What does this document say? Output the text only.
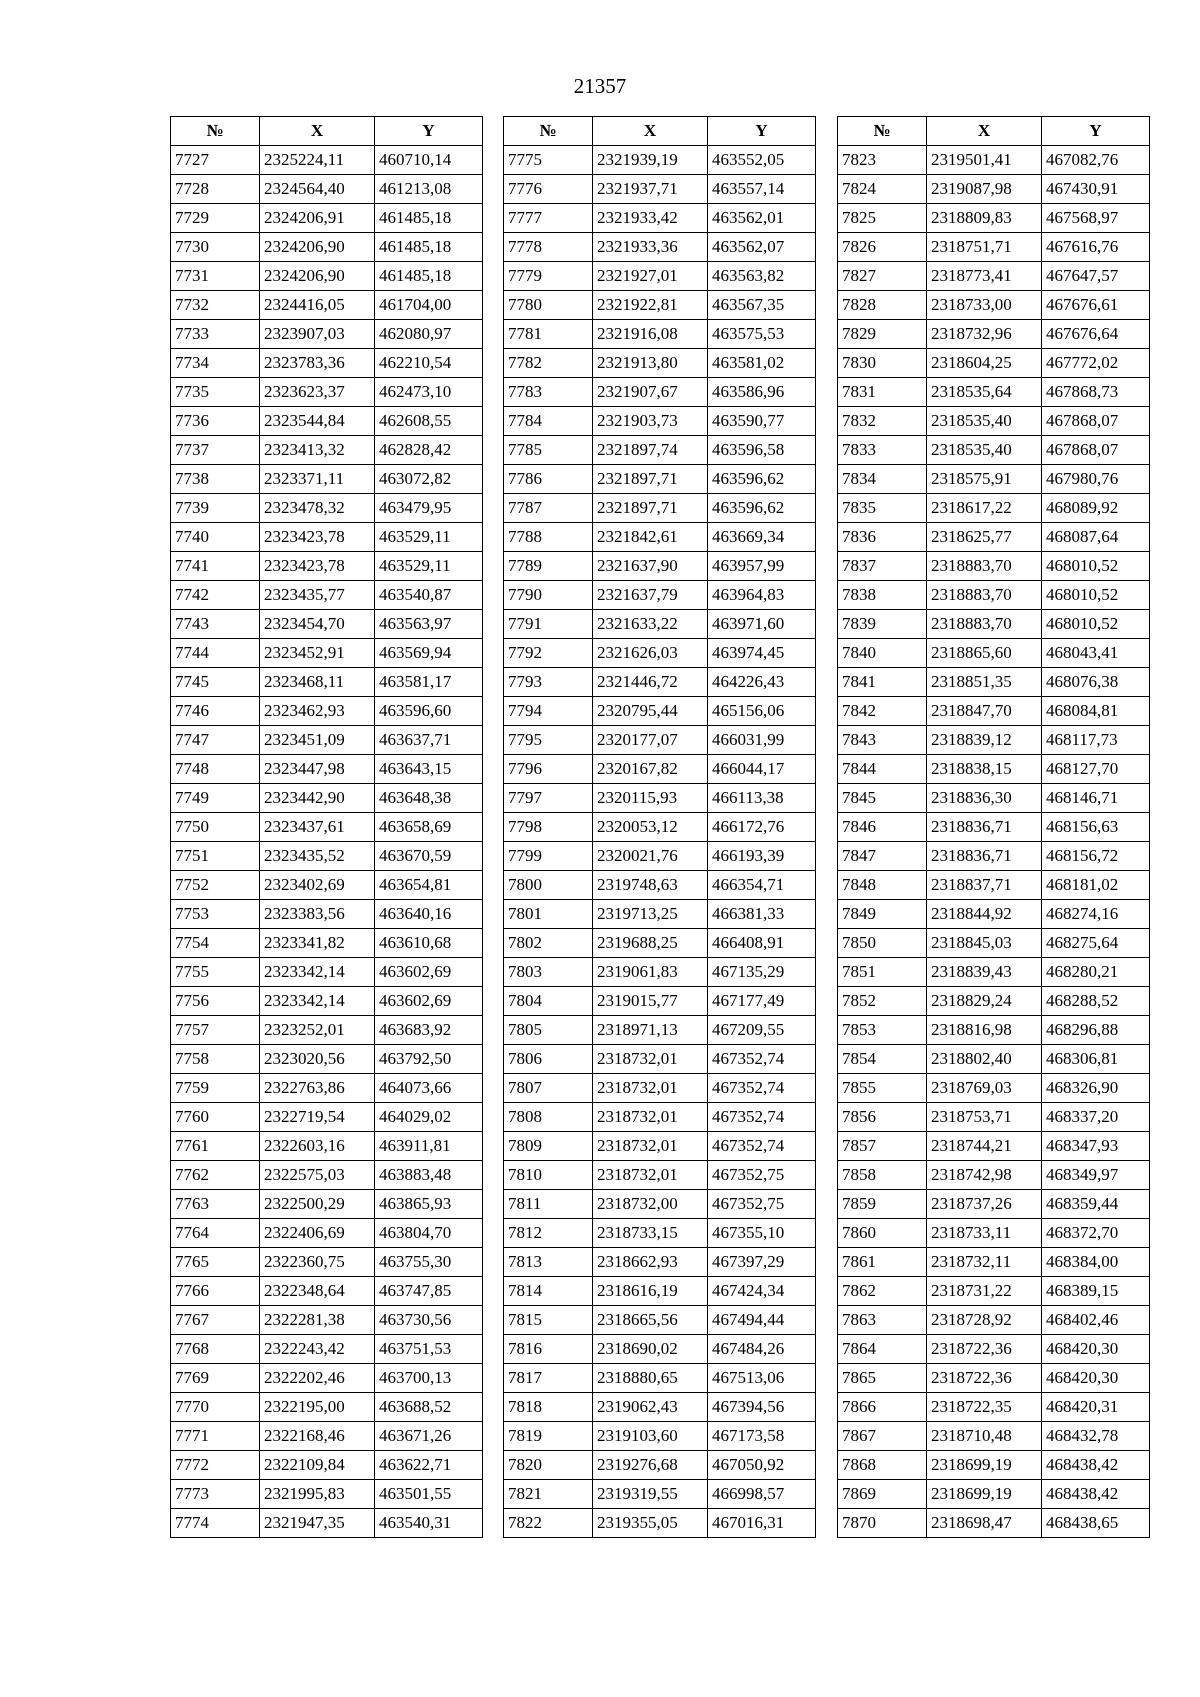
21357
№	X	Y
7727	2325224,11	460710,14
7728	2324564,40	461213,08
7729	2324206,91	461485,18
7730	2324206,90	461485,18
7731	2324206,90	461485,18
7732	2324416,05	461704,00
7733	2323907,03	462080,97
7734	2323783,36	462210,54
7735	2323623,37	462473,10
7736	2323544,84	462608,55
7737	2323413,32	462828,42
7738	2323371,11	463072,82
7739	2323478,32	463479,95
7740	2323423,78	463529,11
7741	2323423,78	463529,11
7742	2323435,77	463540,87
7743	2323454,70	463563,97
7744	2323452,91	463569,94
7745	2323468,11	463581,17
7746	2323462,93	463596,60
7747	2323451,09	463637,71
7748	2323447,98	463643,15
7749	2323442,90	463648,38
7750	2323437,61	463658,69
7751	2323435,52	463670,59
7752	2323402,69	463654,81
7753	2323383,56	463640,16
7754	2323341,82	463610,68
7755	2323342,14	463602,69
7756	2323342,14	463602,69
7757	2323252,01	463683,92
7758	2323020,56	463792,50
7759	2322763,86	464073,66
7760	2322719,54	464029,02
7761	2322603,16	463911,81
7762	2322575,03	463883,48
7763	2322500,29	463865,93
7764	2322406,69	463804,70
7765	2322360,75	463755,30
7766	2322348,64	463747,85
7767	2322281,38	463730,56
7768	2322243,42	463751,53
7769	2322202,46	463700,13
7770	2322195,00	463688,52
7771	2322168,46	463671,26
7772	2322109,84	463622,71
7773	2321995,83	463501,55
7774	2321947,35	463540,31
№	X	Y
7775	2321939,19	463552,05
7776	2321937,71	463557,14
7777	2321933,42	463562,01
7778	2321933,36	463562,07
7779	2321927,01	463563,82
7780	2321922,81	463567,35
7781	2321916,08	463575,53
7782	2321913,80	463581,02
7783	2321907,67	463586,96
7784	2321903,73	463590,77
7785	2321897,74	463596,58
7786	2321897,71	463596,62
7787	2321897,71	463596,62
7788	2321842,61	463669,34
7789	2321637,90	463957,99
7790	2321637,79	463964,83
7791	2321633,22	463971,60
7792	2321626,03	463974,45
7793	2321446,72	464226,43
7794	2320795,44	465156,06
7795	2320177,07	466031,99
7796	2320167,82	466044,17
7797	2320115,93	466113,38
7798	2320053,12	466172,76
7799	2320021,76	466193,39
7800	2319748,63	466354,71
7801	2319713,25	466381,33
7802	2319688,25	466408,91
7803	2319061,83	467135,29
7804	2319015,77	467177,49
7805	2318971,13	467209,55
7806	2318732,01	467352,74
7807	2318732,01	467352,74
7808	2318732,01	467352,74
7809	2318732,01	467352,74
7810	2318732,01	467352,75
7811	2318732,00	467352,75
7812	2318733,15	467355,10
7813	2318662,93	467397,29
7814	2318616,19	467424,34
7815	2318665,56	467494,44
7816	2318690,02	467484,26
7817	2318880,65	467513,06
7818	2319062,43	467394,56
7819	2319103,60	467173,58
7820	2319276,68	467050,92
7821	2319319,55	466998,57
7822	2319355,05	467016,31
№	X	Y
7823	2319501,41	467082,76
7824	2319087,98	467430,91
7825	2318809,83	467568,97
7826	2318751,71	467616,76
7827	2318773,41	467647,57
7828	2318733,00	467676,61
7829	2318732,96	467676,64
7830	2318604,25	467772,02
7831	2318535,64	467868,73
7832	2318535,40	467868,07
7833	2318535,40	467868,07
7834	2318575,91	467980,76
7835	2318617,22	468089,92
7836	2318625,77	468087,64
7837	2318883,70	468010,52
7838	2318883,70	468010,52
7839	2318883,70	468010,52
7840	2318865,60	468043,41
7841	2318851,35	468076,38
7842	2318847,70	468084,81
7843	2318839,12	468117,73
7844	2318838,15	468127,70
7845	2318836,30	468146,71
7846	2318836,71	468156,63
7847	2318836,71	468156,72
7848	2318837,71	468181,02
7849	2318844,92	468274,16
7850	2318845,03	468275,64
7851	2318839,43	468280,21
7852	2318829,24	468288,52
7853	2318816,98	468296,88
7854	2318802,40	468306,81
7855	2318769,03	468326,90
7856	2318753,71	468337,20
7857	2318744,21	468347,93
7858	2318742,98	468349,97
7859	2318737,26	468359,44
7860	2318733,11	468372,70
7861	2318732,11	468384,00
7862	2318731,22	468389,15
7863	2318728,92	468402,46
7864	2318722,36	468420,30
7865	2318722,36	468420,30
7866	2318722,35	468420,31
7867	2318710,48	468432,78
7868	2318699,19	468438,42
7869	2318699,19	468438,42
7870	2318698,47	468438,65
